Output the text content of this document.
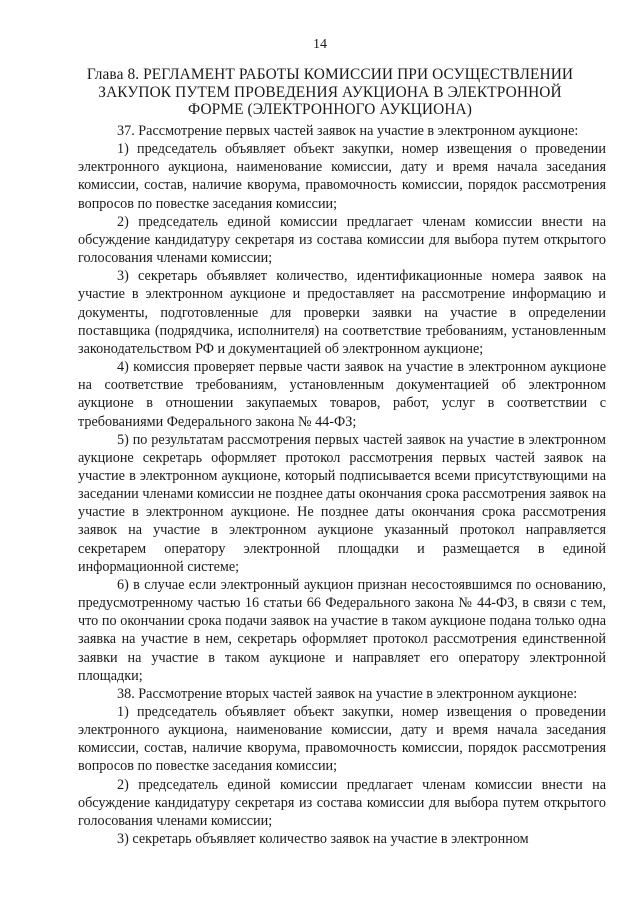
14
Глава 8. РЕГЛАМЕНТ РАБОТЫ КОМИССИИ ПРИ ОСУЩЕСТВЛЕНИИ ЗАКУПОК ПУТЕМ ПРОВЕДЕНИЯ АУКЦИОНА В ЭЛЕКТРОННОЙ ФОРМЕ (ЭЛЕКТРОННОГО АУКЦИОНА)

37. Рассмотрение первых частей заявок на участие в электронном аукционе:

1) председатель объявляет объект закупки, номер извещения о проведении электронного аукциона, наименование комиссии, дату и время начала заседания комиссии, состав, наличие кворума, правомочность комиссии, порядок рассмотрения вопросов по повестке заседания комиссии;

2) председатель единой комиссии предлагает членам комиссии внести на обсуждение кандидатуру секретаря из состава комиссии для выбора путем открытого голосования членами комиссии;

3) секретарь объявляет количество, идентификационные номера заявок на участие в электронном аукционе и предоставляет на рассмотрение информацию и документы, подготовленные для проверки заявки на участие в определении поставщика (подрядчика, исполнителя) на соответствие требованиям, установленным законодательством РФ и документацией об электронном аукционе;

4) комиссия проверяет первые части заявок на участие в электронном аукционе на соответствие требованиям, установленным документацией об электронном аукционе в отношении закупаемых товаров, работ, услуг в соответствии с требованиями Федерального закона № 44-ФЗ;

5) по результатам рассмотрения первых частей заявок на участие в электронном аукционе секретарь оформляет протокол рассмотрения первых частей заявок на участие в электронном аукционе, который подписывается всеми присутствующими на заседании членами комиссии не позднее даты окончания срока рассмотрения заявок на участие в электронном аукционе. Не позднее даты окончания срока рассмотрения заявок на участие в электронном аукционе указанный протокол направляется секретарем оператору электронной площадки и размещается в единой информационной системе;

6) в случае если электронный аукцион признан несостоявшимся по основанию, предусмотренному частью 16 статьи 66 Федерального закона № 44-ФЗ, в связи с тем, что по окончании срока подачи заявок на участие в таком аукционе подана только одна заявка на участие в нем, секретарь оформляет протокол рассмотрения единственной заявки на участие в таком аукционе и направляет его оператору электронной площадки;

38. Рассмотрение вторых частей заявок на участие в электронном аукционе:

1) председатель объявляет объект закупки, номер извещения о проведении электронного аукциона, наименование комиссии, дату и время начала заседания комиссии, состав, наличие кворума, правомочность комиссии, порядок рассмотрения вопросов по повестке заседания комиссии;

2) председатель единой комиссии предлагает членам комиссии внести на обсуждение кандидатуру секретаря из состава комиссии для выбора путем открытого голосования членами комиссии;

3) секретарь объявляет количество заявок на участие в электронном
